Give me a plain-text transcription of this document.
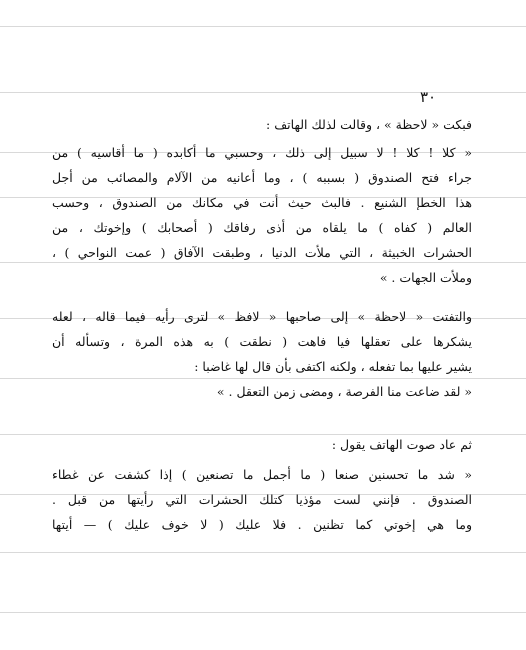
٣٠
فبكت « لاحظة » ، وقالت لذلك الهاتف :
« كلا ! كلا ! لا سبيل إلى ذلك ، وحسبي ما أكابده ( ما أقاسيه ) من
جراء فتح الصندوق ( بسببه ) ، وما أعانيه من الآلام والمصائب من أجل
هذا الخطإ الشنيع . فالبث حيث أنت في مكانك من الصندوق ، وحسب
العالم ( كفاه ) ما يلقاه من أذى رفاقك ( أصحابك ) وإخوتك ، من
الحشرات الخبيثة ، التي ملأت الدنيا ، وطبقت الآفاق ( عمت النواحي ) ،
وملأت الجهات . »
والتفتت « لاحظة » إلى صاحبها « لافظ » لترى رأيه فيما قاله ، لعله
يشكرها على تعقلها فيا فاهت ( نطقت ) به هذه المرة ، وتسأله أن
يشير عليها بما تفعله ، ولكنه اكتفى بأن قال لها غاضبا :
« لقد ضاعت منا الفرصة ، ومضى زمن التعقل . »
ثم عاد صوت الهاتف يقول :
« شد ما تحسنين صنعا ( ما أجمل ما تصنعين ) إذا كشفت عن غطاء
الصندوق . فإنني لست مؤذيا كتلك الحشرات التي رأيتها من قبل .
وما هي إخوتي كما تظنين . فلا عليك ( لا خوف عليك ) — أيتها
